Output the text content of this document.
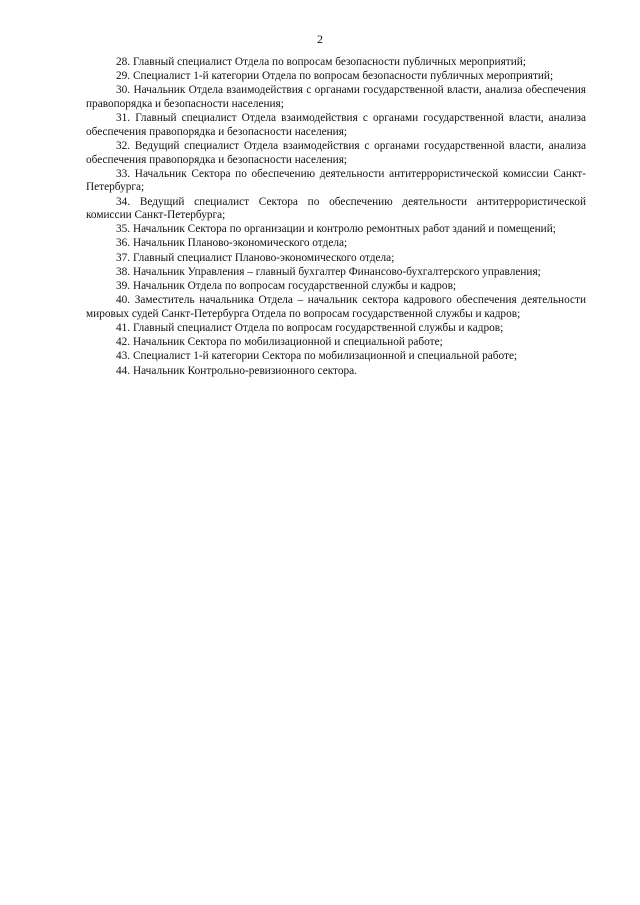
2

28. Главный специалист Отдела по вопросам безопасности публичных мероприятий;

29. Специалист 1-й категории Отдела по вопросам безопасности публичных мероприятий;

30. Начальник Отдела взаимодействия с органами государственной власти, анализа обеспечения правопорядка и безопасности населения;

31. Главный специалист Отдела взаимодействия с органами государственной власти, анализа обеспечения правопорядка и безопасности населения;

32. Ведущий специалист Отдела взаимодействия с органами государственной власти, анализа обеспечения правопорядка и безопасности населения;

33. Начальник Сектора по обеспечению деятельности антитеррористической комиссии Санкт-Петербурга;

34. Ведущий специалист Сектора по обеспечению деятельности антитеррористической комиссии Санкт-Петербурга;

35. Начальник Сектора по организации и контролю ремонтных работ зданий и помещений;

36. Начальник Планово-экономического отдела;

37. Главный специалист Планово-экономического отдела;

38. Начальник Управления – главный бухгалтер Финансово-бухгалтерского управления;

39. Начальник Отдела по вопросам государственной службы и кадров;

40. Заместитель начальника Отдела – начальник сектора кадрового обеспечения деятельности мировых судей Санкт-Петербурга Отдела по вопросам государственной службы и кадров;

41. Главный специалист Отдела по вопросам государственной службы и кадров;

42. Начальник Сектора по мобилизационной и специальной работе;

43. Специалист 1-й категории Сектора по мобилизационной и специальной работе;

44. Начальник Контрольно-ревизионного сектора.
